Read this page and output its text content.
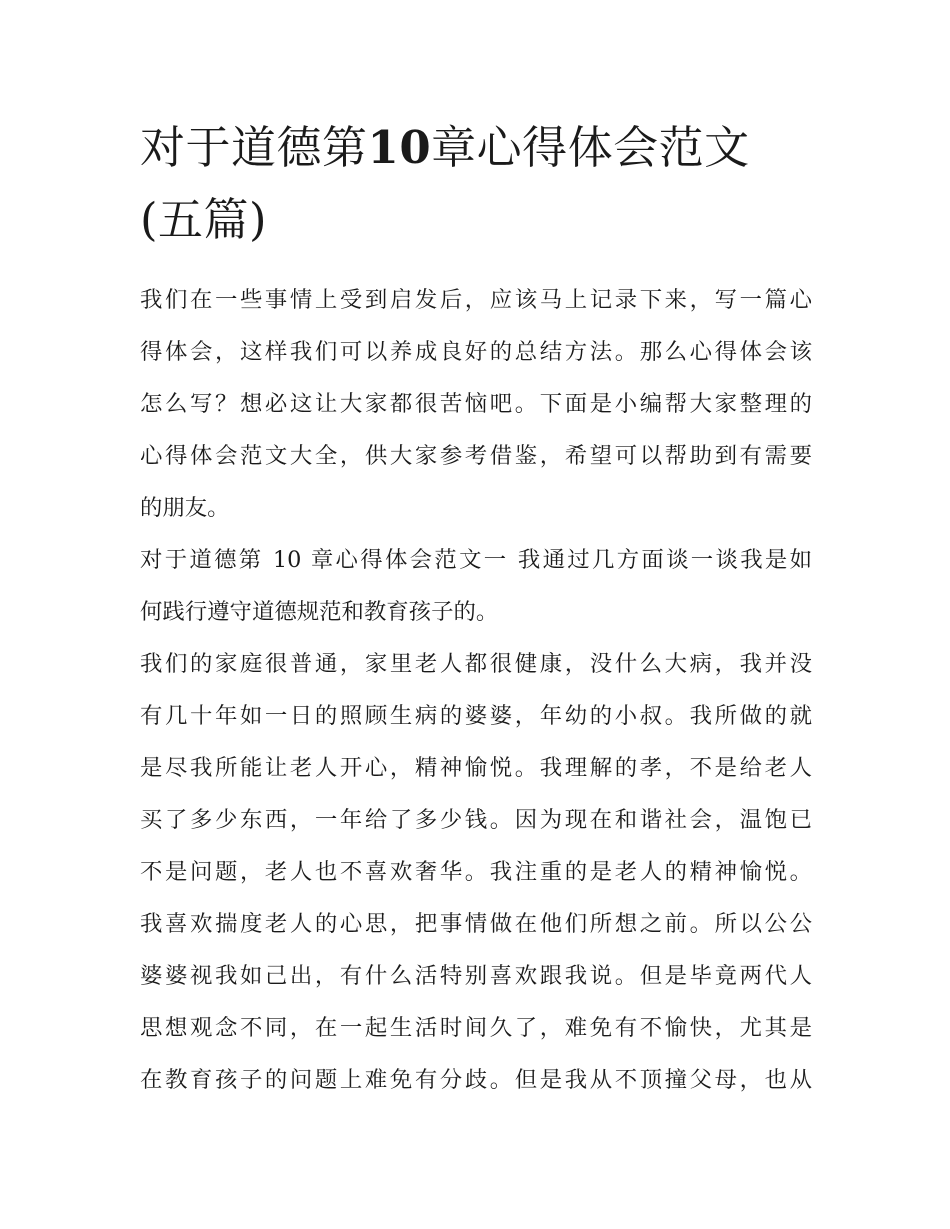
对于道德第10章心得体会范文
(五篇)

我们在一些事情上受到启发后，应该马上记录下来，写一篇心
得体会，这样我们可以养成良好的总结方法。那么心得体会该
怎么写？想必这让大家都很苦恼吧。下面是小编帮大家整理的
心得体会范文大全，供大家参考借鉴，希望可以帮助到有需要
的朋友。

对于道德第 10 章心得体会范文一 我通过几方面谈一谈我是如
何践行遵守道德规范和教育孩子的。

我们的家庭很普通，家里老人都很健康，没什么大病，我并没
有几十年如一日的照顾生病的婆婆，年幼的小叔。我所做的就
是尽我所能让老人开心，精神愉悦。我理解的孝，不是给老人
买了多少东西，一年给了多少钱。因为现在和谐社会，温饱已
不是问题，老人也不喜欢奢华。我注重的是老人的精神愉悦。
我喜欢揣度老人的心思，把事情做在他们所想之前。所以公公
婆婆视我如己出，有什么活特别喜欢跟我说。但是毕竟两代人
思想观念不同，在一起生活时间久了，难免有不愉快，尤其是
在教育孩子的问题上难免有分歧。但是我从不顶撞父母，也从
